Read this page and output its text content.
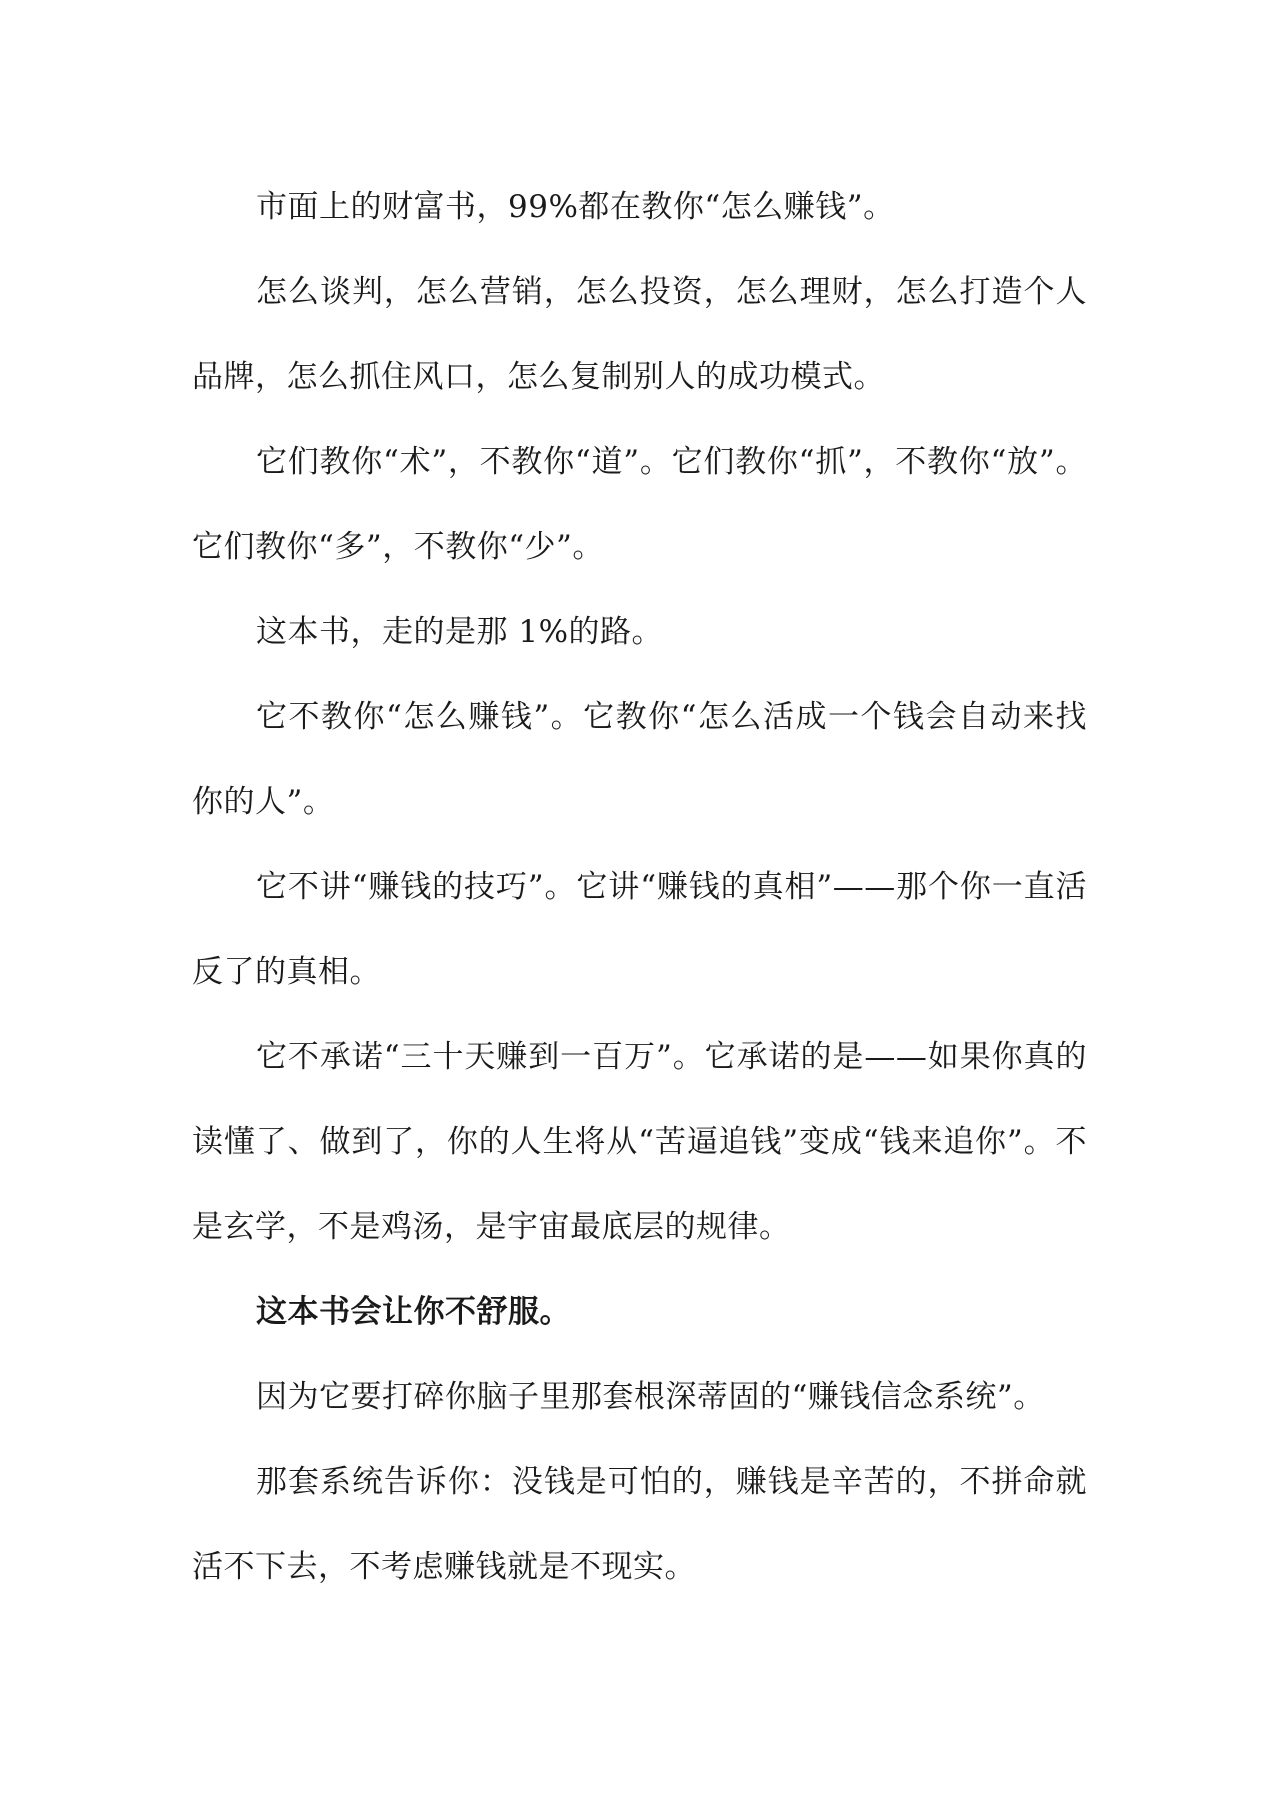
市面上的财富书，99%都在教你“怎么赚钱”。

怎么谈判，怎么营销，怎么投资，怎么理财，怎么打造个人品牌，怎么抓住风口，怎么复制别人的成功模式。

它们教你“术”，不教你“道”。它们教你“抓”，不教你“放”。它们教你“多”，不教你“少”。

这本书，走的是那 1%的路。

它不教你“怎么赚钱”。它教你“怎么活成一个钱会自动来找你的人”。

它不讲“赚钱的技巧”。它讲“赚钱的真相”——那个你一直活反了的真相。

它不承诺“三十天赚到一百万”。它承诺的是——如果你真的读懂了、做到了，你的人生将从“苦逼追钱”变成“钱来追你”。不是玄学，不是鸡汤，是宇宙最底层的规律。

这本书会让你不舒服。

因为它要打碎你脑子里那套根深蒂固的“赚钱信念系统”。

那套系统告诉你：没钱是可怕的，赚钱是辛苦的，不拼命就活不下去，不考虑赚钱就是不现实。
